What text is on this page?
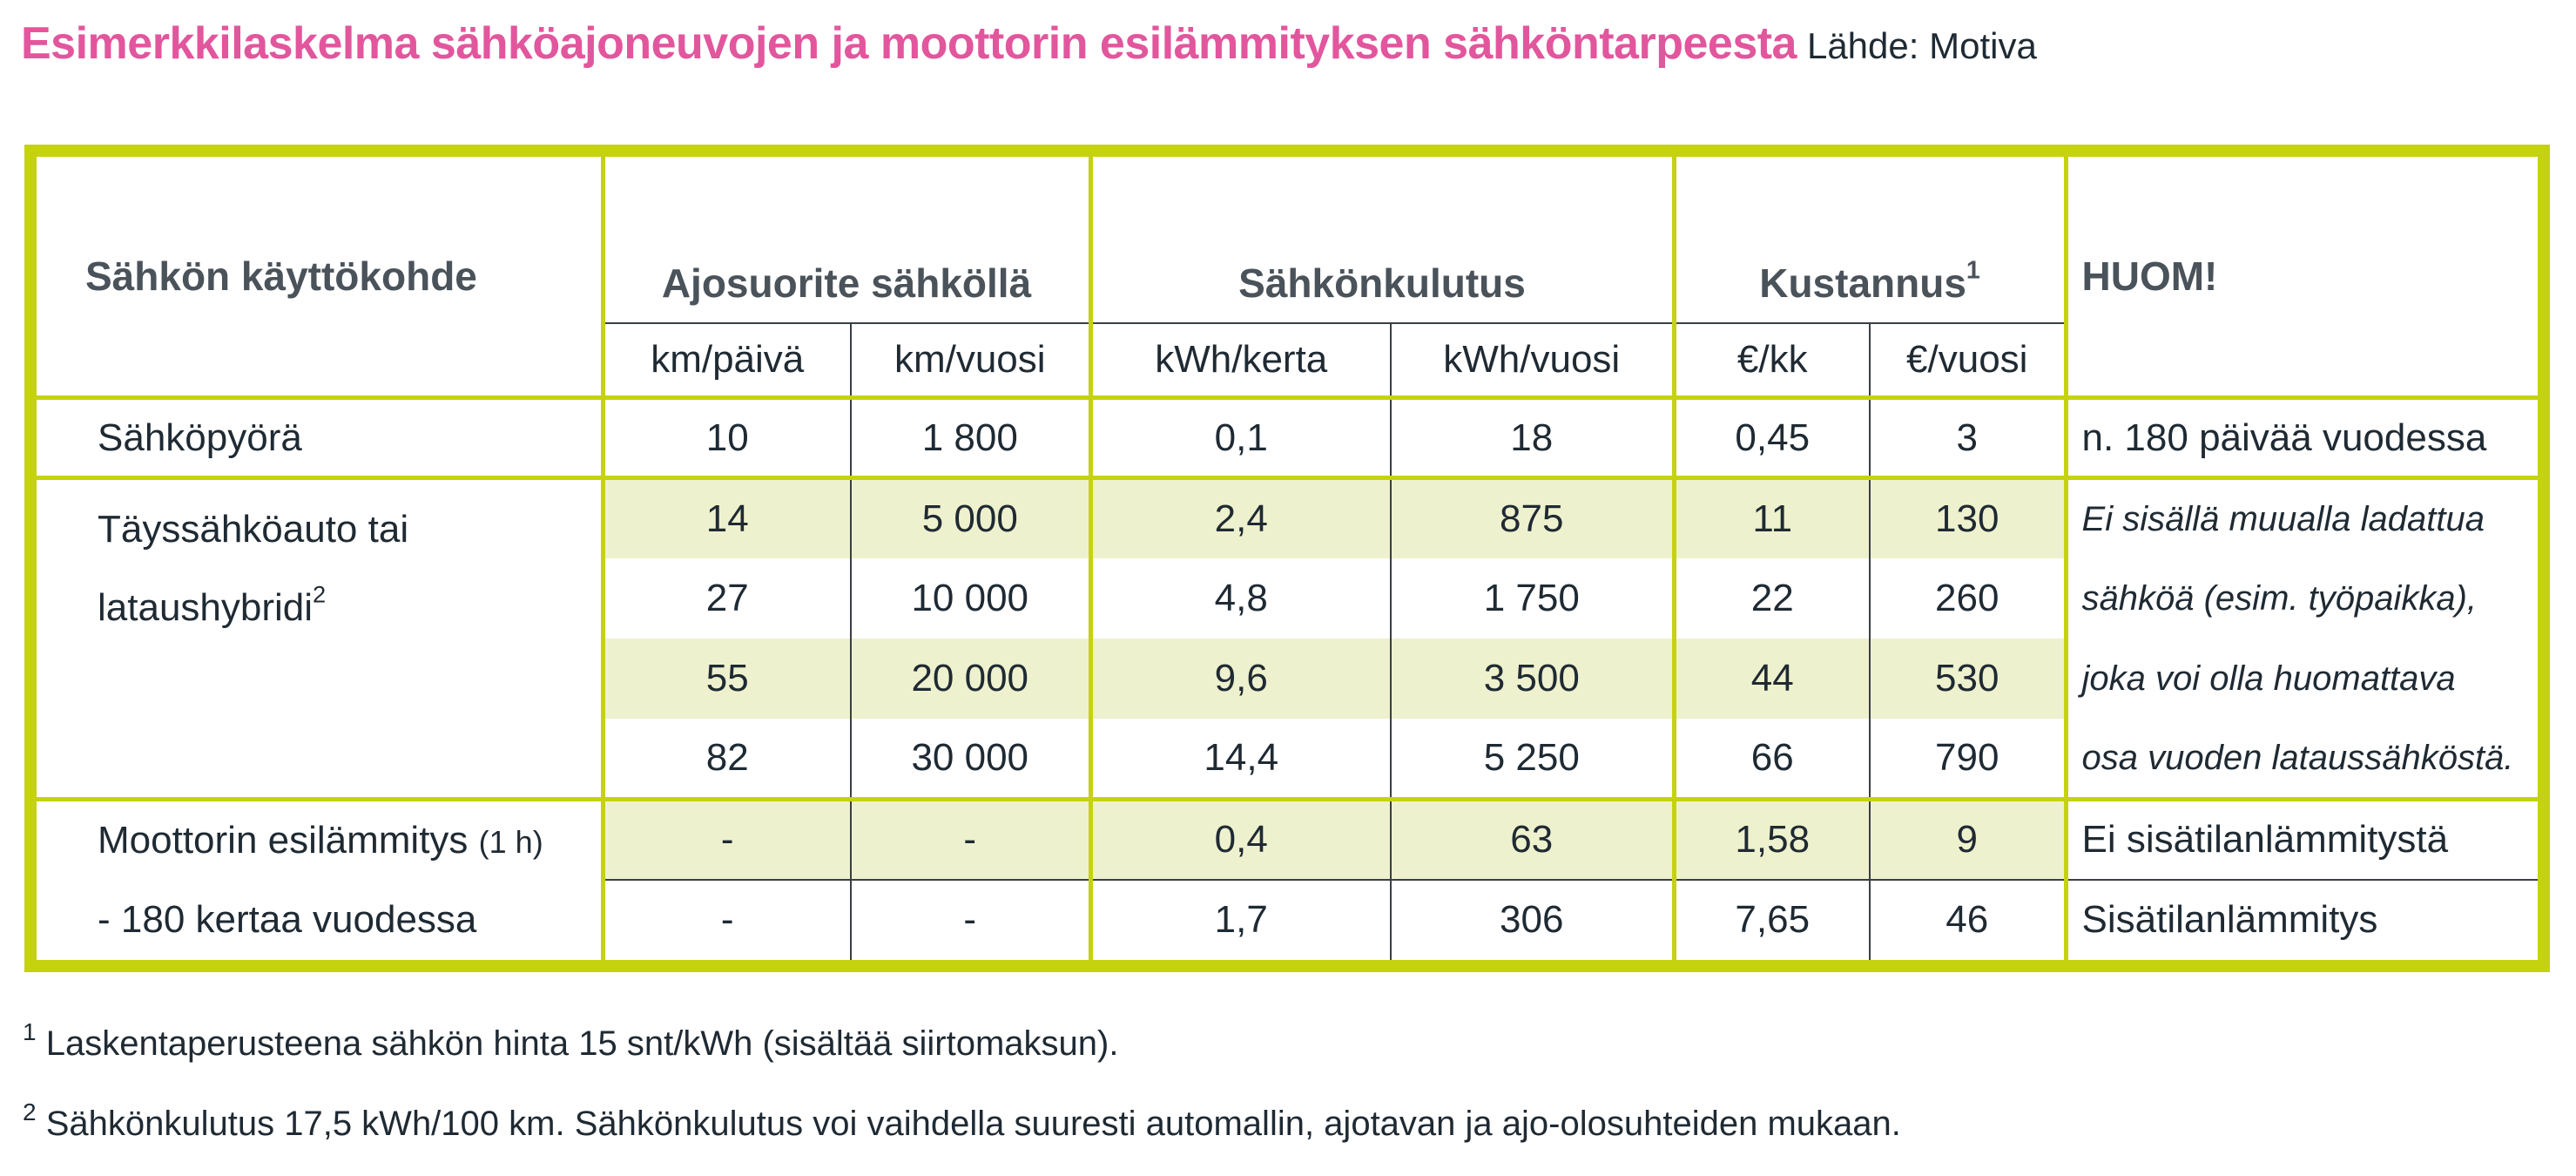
Esimerkkilaskelma sähköajoneuvojen ja moottorin esilämmityksen sähköntarpeesta Lähde: Motiva
Sähkön käyttökohde	Ajosuorite sähköllä		Sähkönkulutus		Kustannus$^1$		HUOM!
	km/päivä	km/vuosi	kWh/kerta	kWh/vuosi	€/kk	€/vuosi	
Sähköpyörä	10	1 800	0,1	18	0,45	3	n. 180 päivää vuodessa
Täyssähköauto tai
lataushybridi$^2$	14	5 000	2,4	875	11	130	Ei sisällä muualla ladattua
	27	10 000	4,8	1 750	22	260	sähköä (esim. työpaikka),
	55	20 000	9,6	3 500	44	530	joka voi olla huomattava
	82	30 000	14,4	5 250	66	790	osa vuoden lataussähköstä.
Moottorin esilämmitys (1 h)	-	-	0,4	63	1,58	9	Ei sisätilanlämmitystä
- 180 kertaa vuodessa	-	-	1,7	306	7,65	46	Sisätilanlämmitys
$^1$ Laskentaperusteena sähkön hinta 15 snt/kWh (sisältää siirtomaksun).
$^2$ Sähkönkulutus 17,5 kWh/100 km. Sähkönkulutus voi vaihdella suuresti automallin, ajotavan ja ajo-olosuhteiden mukaan.
